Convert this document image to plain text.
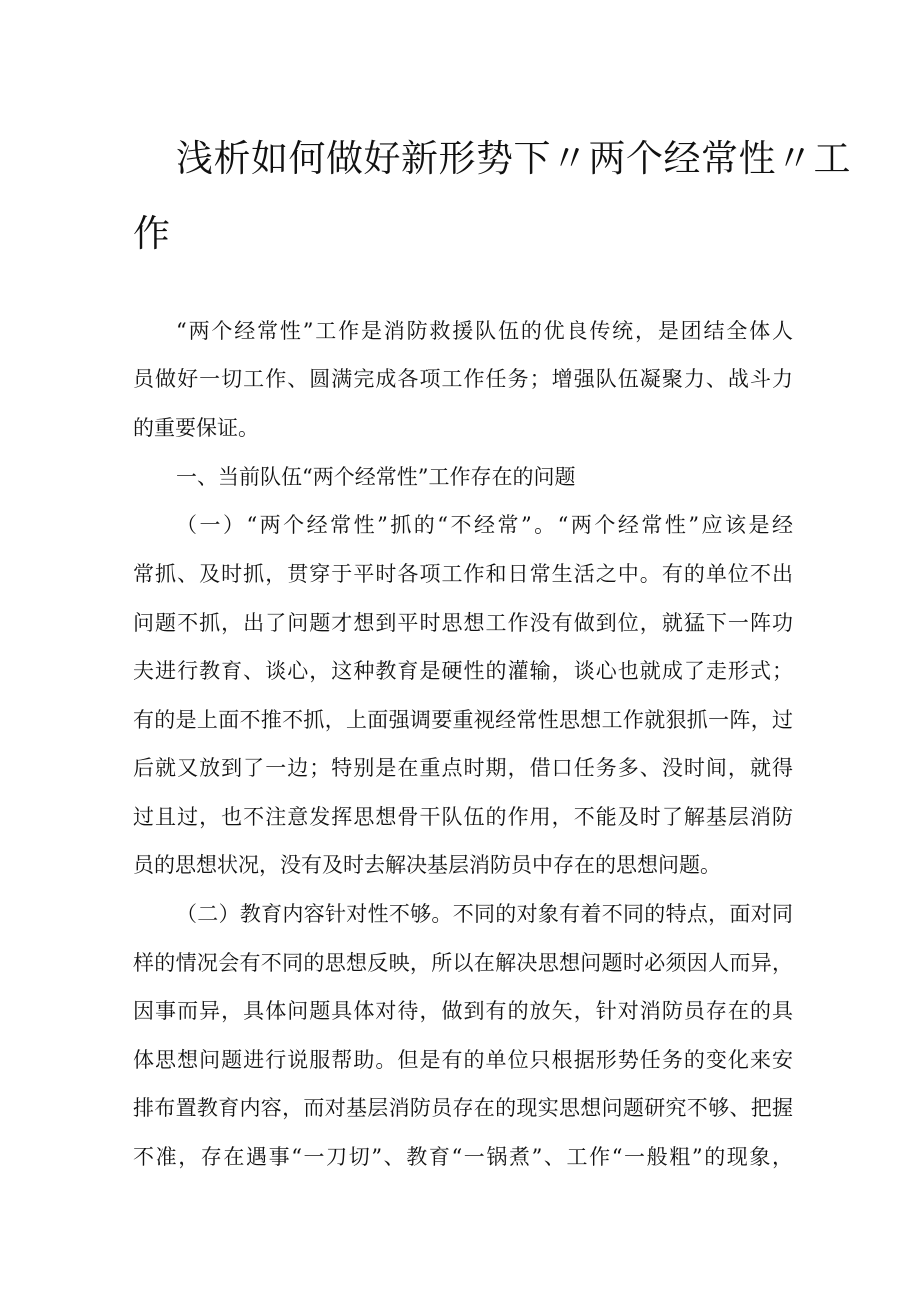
浅析如何做好新形势下〃两个经常性〃工
作
“两个经常性”工作是消防救援队伍的优良传统，是团结全体人
员做好一切工作、圆满完成各项工作任务；增强队伍凝聚力、战斗力
的重要保证。
一、当前队伍“两个经常性”工作存在的问题
（一）“两个经常性”抓的“不经常”。“两个经常性”应该是经
常抓、及时抓，贯穿于平时各项工作和日常生活之中。有的单位不出
问题不抓，出了问题才想到平时思想工作没有做到位，就猛下一阵功
夫进行教育、谈心，这种教育是硬性的灌输，谈心也就成了走形式；
有的是上面不推不抓，上面强调要重视经常性思想工作就狠抓一阵，过
后就又放到了一边；特别是在重点时期，借口任务多、没时间，就得
过且过，也不注意发挥思想骨干队伍的作用，不能及时了解基层消防
员的思想状况，没有及时去解决基层消防员中存在的思想问题。
（二）教育内容针对性不够。不同的对象有着不同的特点，面对同
样的情况会有不同的思想反映，所以在解决思想问题时必须因人而异，
因事而异，具体问题具体对待，做到有的放矢，针对消防员存在的具
体思想问题进行说服帮助。但是有的单位只根据形势任务的变化来安
排布置教育内容，而对基层消防员存在的现实思想问题研究不够、把握
不准，存在遇事“一刀切”、教育“一锅煮”、工作“一般粗”的现象，
